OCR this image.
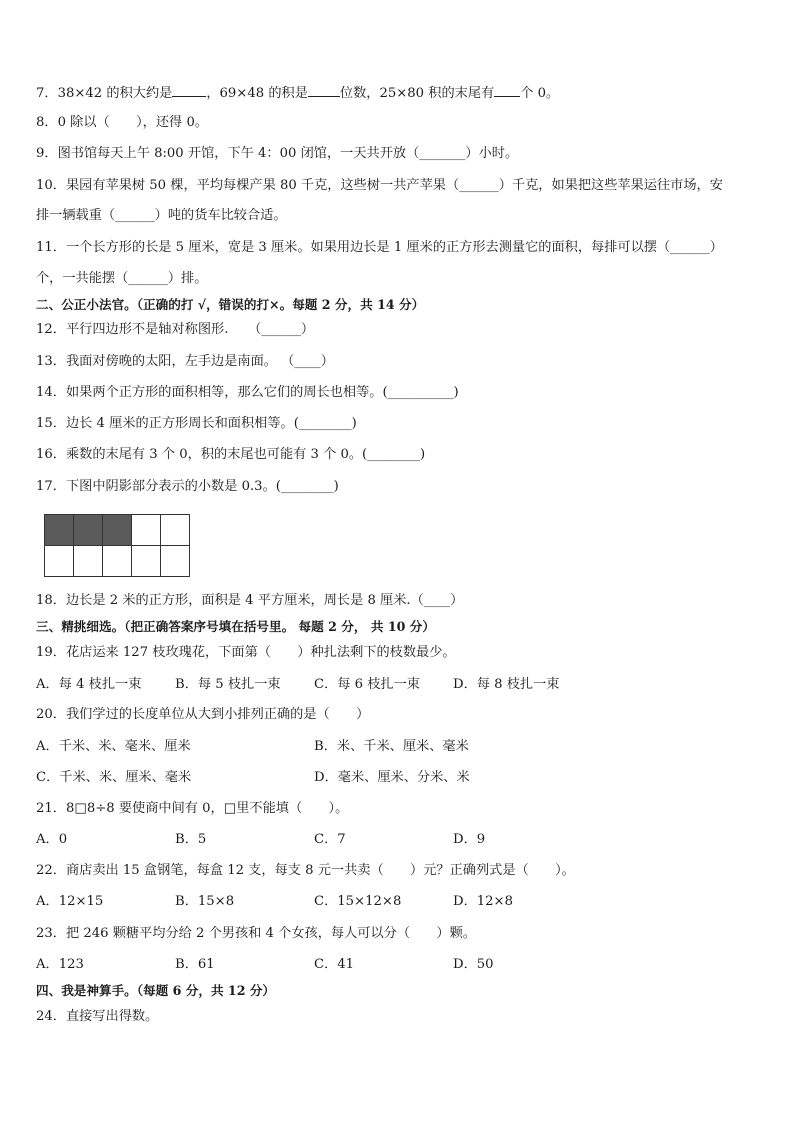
7．38×42 的积大约是	，69×48 的积是 位数，25×80 积的末尾有 个 0。
8．0 除以（　　），还得 0。
9．图书馆每天上午 8:00 开馆，下午 4：00 闭馆，一天共开放（_______）小时。
10．果园有苹果树 50 棵，平均每棵产果 80 千克，这些树一共产苹果（______）千克，如果把这些苹果运往市场，安
排一辆载重（______）吨的货车比较合适。
11．一个长方形的长是 5 厘米，宽是 3 厘米。如果用边长是 1 厘米的正方形去测量它的面积，每排可以摆（______）
个，一共能摆（______）排。
二、公正小法官。（正确的打 √，错误的打×。每题 2 分，共 14 分）
12．平行四边形不是轴对称图形.　　（______）
13．我面对傍晚的太阳，左手边是南面。 （____）
14．如果两个正方形的面积相等，那么它们的周长也相等。(__________)
15．边长 4 厘米的正方形周长和面积相等。(________)
16．乘数的末尾有 3 个 0，积的末尾也可能有 3 个 0。(________)
17．下图中阴影部分表示的小数是 0.3。(________)

18．边长是 2 米的正方形，面积是 4 平方厘米，周长是 8 厘米.（____）
三、精挑细选。（把正确答案序号填在括号里。 每题 2 分， 共 10 分）
19．花店运来 127 枝玫瑰花，下面第（　　）种扎法剩下的枝数最少。
A．每 4 枝扎一束	B．每 5 枝扎一束	C．每 6 枝扎一束	D．每 8 枝扎一束
20．我们学过的长度单位从大到小排列正确的是（　　）
A．千米、米、毫米、厘米	B．米、千米、厘米、毫米
C．千米、米、厘米、毫米	D．毫米、厘米、分米、米
21．8□8÷8 要使商中间有 0，□里不能填（　　）。
A．0	B．5	C．7	D．9
22．商店卖出 15 盒钢笔，每盒 12 支，每支 8 元一共卖（　　）元？正确列式是（　　）。
A．12×15	B．15×8	C．15×12×8	D．12×8
23．把 246 颗糖平均分给 2 个男孩和 4 个女孩，每人可以分（　　）颗。
A．123	B．61	C．41	D．50
四、我是神算手。（每题 6 分，共 12 分）
24．直接写出得数。
